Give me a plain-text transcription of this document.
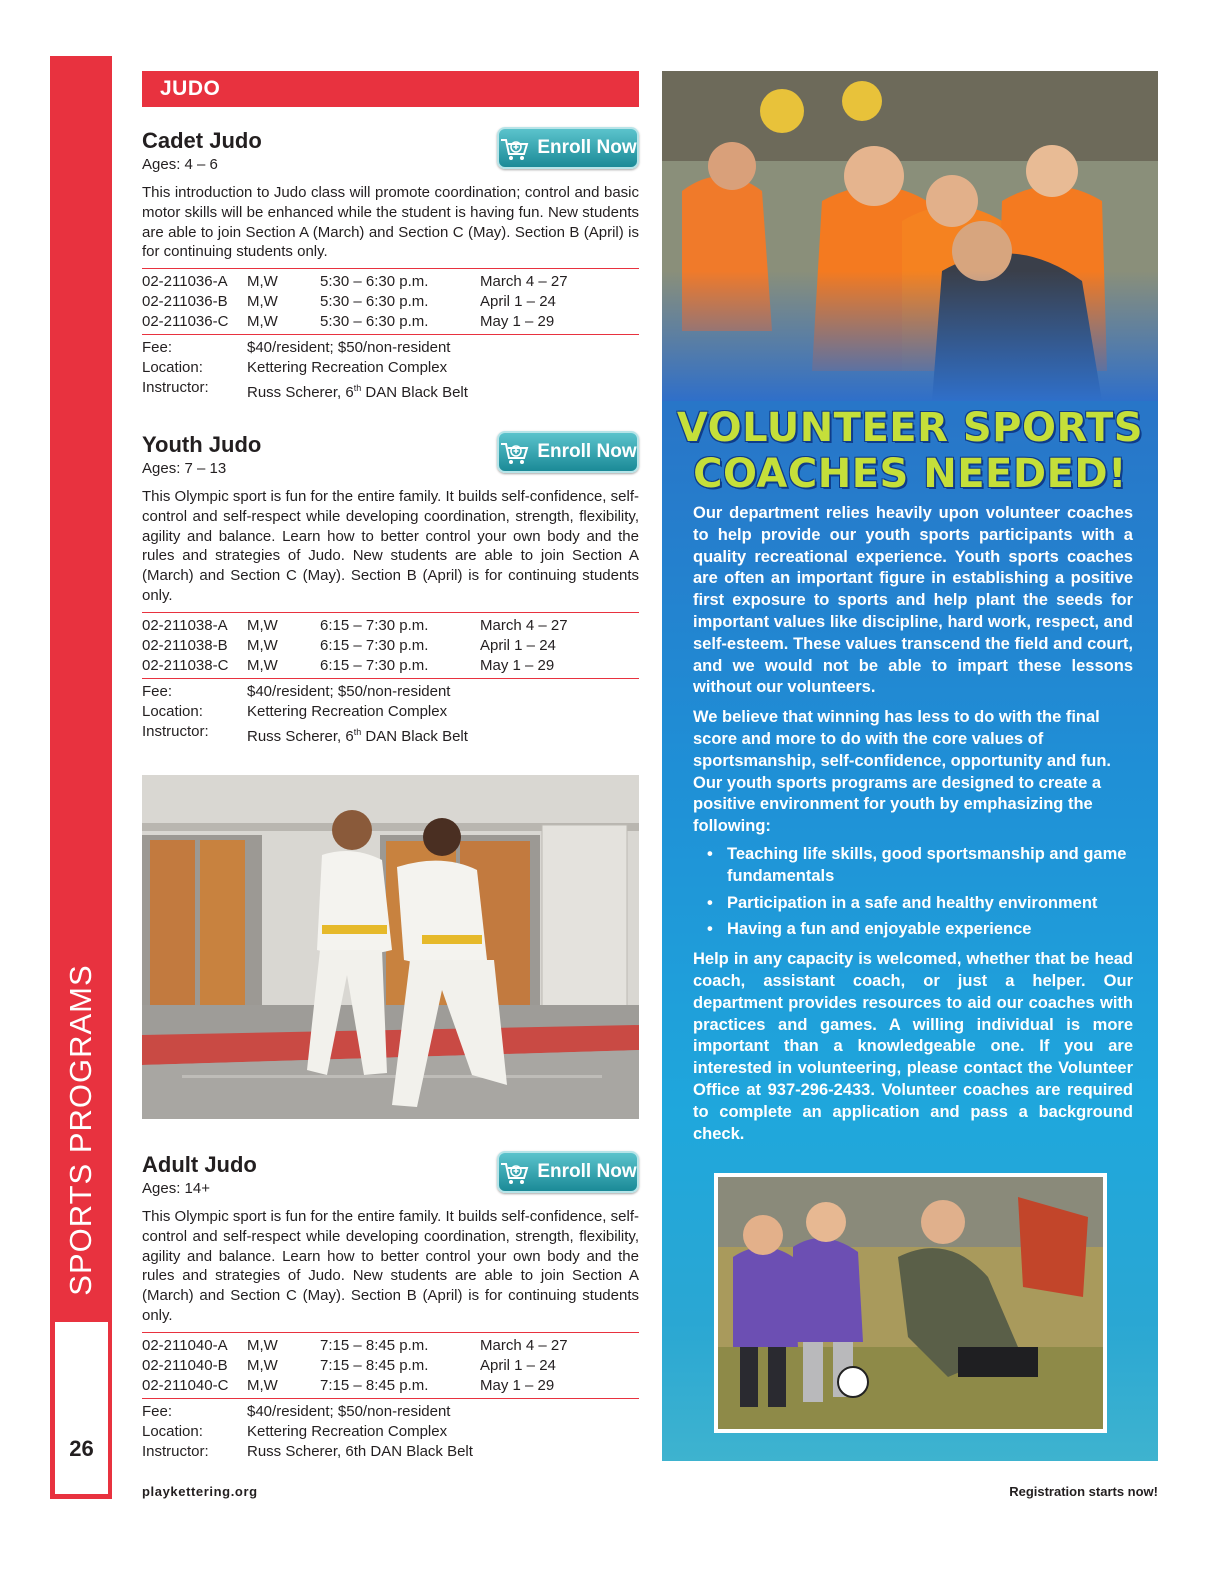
SPORTS PROGRAMS
26
JUDO
Cadet Judo
Ages: 4 – 6
Enroll Now
This introduction to Judo class will promote coordination; control and basic motor skills will be enhanced while the student is having fun. New students are able to join Section A (March) and Section C (May). Section B (April) is for continuing students only.
02-211036-A	M,W	5:30 – 6:30 p.m.	March 4 – 27
02-211036-B	M,W	5:30 – 6:30 p.m.	April 1 – 24
02-211036-C	M,W	5:30 – 6:30 p.m.	May 1 – 29
Fee:	$40/resident; $50/non-resident
Location:	Kettering Recreation Complex
Instructor:	Russ Scherer, 6th DAN Black Belt
Youth Judo
Ages: 7 – 13
Enroll Now
This Olympic sport is fun for the entire family. It builds self-confidence, self-control and self-respect while developing coordination, strength, flexibility, agility and balance. Learn how to better control your own body and the rules and strategies of Judo. New students are able to join Section A (March) and Section C (May). Section B (April) is for continuing students only.
02-211038-A	M,W	6:15 – 7:30 p.m.	March 4 – 27
02-211038-B	M,W	6:15 – 7:30 p.m.	April 1 – 24
02-211038-C	M,W	6:15 – 7:30 p.m.	May 1 – 29
Fee:	$40/resident; $50/non-resident
Location:	Kettering Recreation Complex
Instructor:	Russ Scherer, 6th DAN Black Belt
Adult Judo
Ages: 14+
Enroll Now
This Olympic sport is fun for the entire family. It builds self-confidence, self-control and self-respect while developing coordination, strength, flexibility, agility and balance. Learn how to better control your own body and the rules and strategies of Judo. New students are able to join Section A (March) and Section C (May). Section B (April) is for continuing students only.
02-211040-A	M,W	7:15 – 8:45 p.m.	March 4 – 27
02-211040-B	M,W	7:15 – 8:45 p.m.	April 1 – 24
02-211040-C	M,W	7:15 – 8:45 p.m.	May 1 – 29
Fee:	$40/resident; $50/non-resident
Location:	Kettering Recreation Complex
Instructor:	Russ Scherer, 6th DAN Black Belt
playkettering.org	Registration starts now!
VOLUNTEER SPORTS
COACHES NEEDED!

Our department relies heavily upon volunteer coaches to help provide our youth sports participants with a quality recreational experience. Youth sports coaches are often an important figure in establishing a positive first exposure to sports and help plant the seeds for important values like discipline, hard work, respect, and self-esteem. These values transcend the field and court, and we would not be able to impart these lessons without our volunteers.

We believe that winning has less to do with the final score and more to do with the core values of sportsmanship, self-confidence, opportunity and fun. Our youth sports programs are designed to create a positive environment for youth by emphasizing the following:

• Teaching life skills, good sportsmanship and game fundamentals
• Participation in a safe and healthy environment
• Having a fun and enjoyable experience

Help in any capacity is welcomed, whether that be head coach, assistant coach, or just a helper. Our department provides resources to aid our coaches with practices and games. A willing individual is more important than a knowledgeable one. If you are interested in volunteering, please contact the Volunteer Office at 937-296-2433. Volunteer coaches are required to complete an application and pass a background check.
